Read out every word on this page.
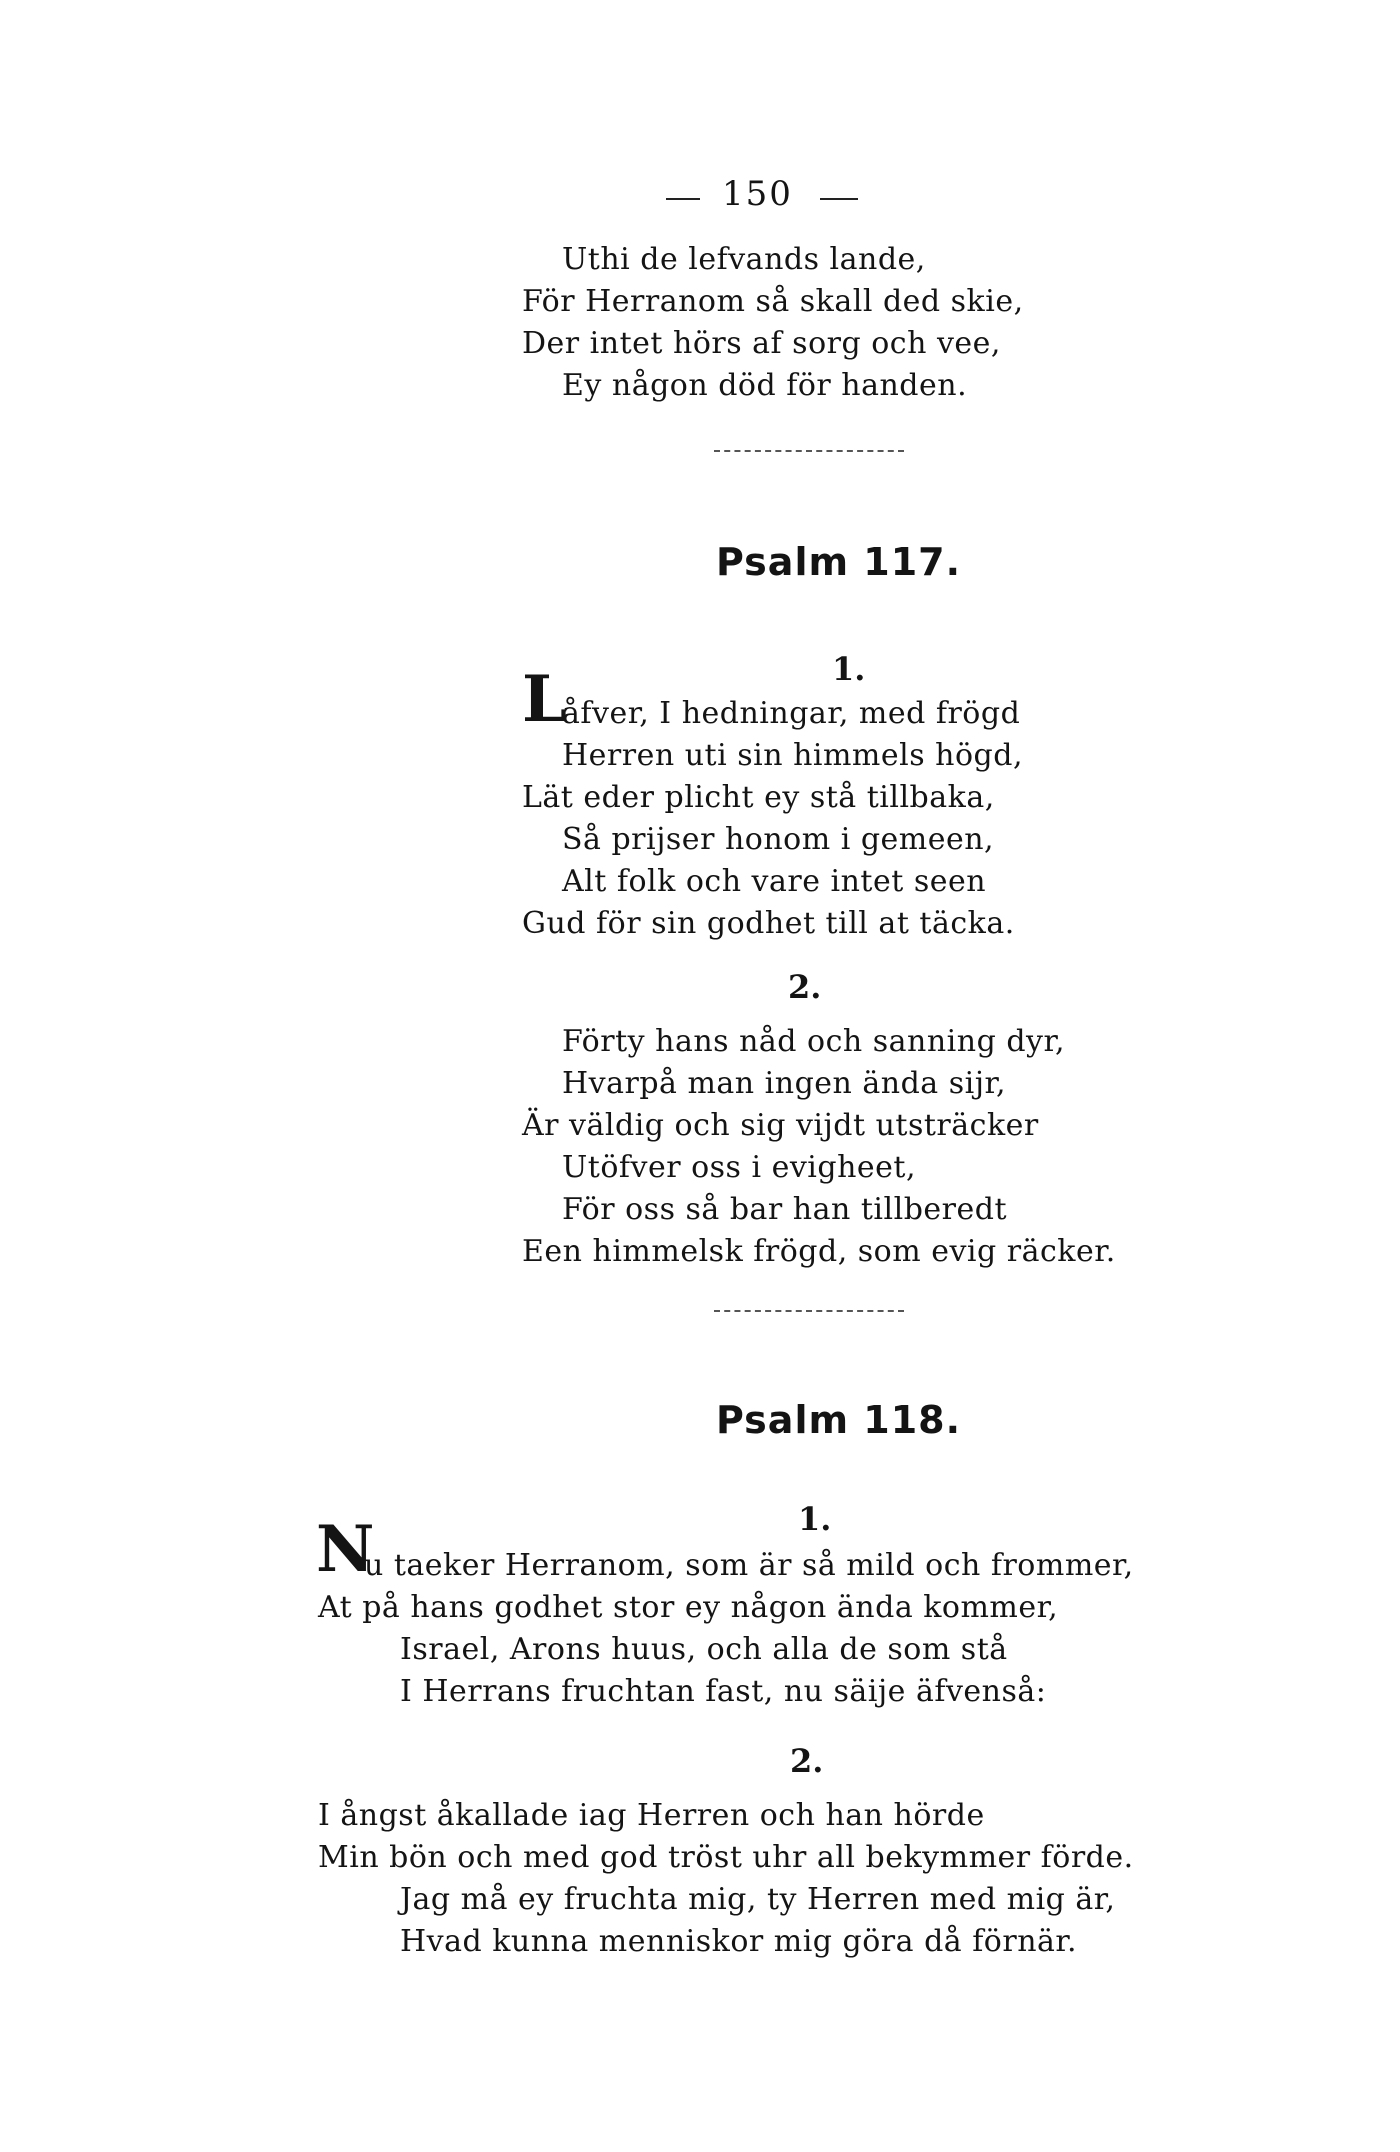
150
Uthi de lefvands lande,
För Herranom så skall ded skie,
Der intet hörs af sorg och vee,
Ey någon död för handen.
Psalm 117.
1.
L
åfver, I hedningar, med frögd
Herren uti sin himmels högd,
Lät eder plicht ey stå tillbaka,
Så prijser honom i gemeen,
Alt folk och vare intet seen
Gud för sin godhet till at täcka.
2.
Förty hans nåd och sanning dyr,
Hvarpå man ingen ända sijr,
Är väldig och sig vijdt utsträcker
Utöfver oss i evigheet,
För oss så bar han tillberedt
Een himmelsk frögd, som evig räcker.
Psalm 118.
1.
N
u taeker Herranom, som är så mild och frommer,
At på hans godhet stor ey någon ända kommer,
Israel, Arons huus, och alla de som stå
I Herrans fruchtan fast, nu säije äfvenså:
2.
I ångst åkallade iag Herren och han hörde
Min bön och med god tröst uhr all bekymmer förde.
Jag må ey fruchta mig, ty Herren med mig är,
Hvad kunna menniskor mig göra då förnär.
